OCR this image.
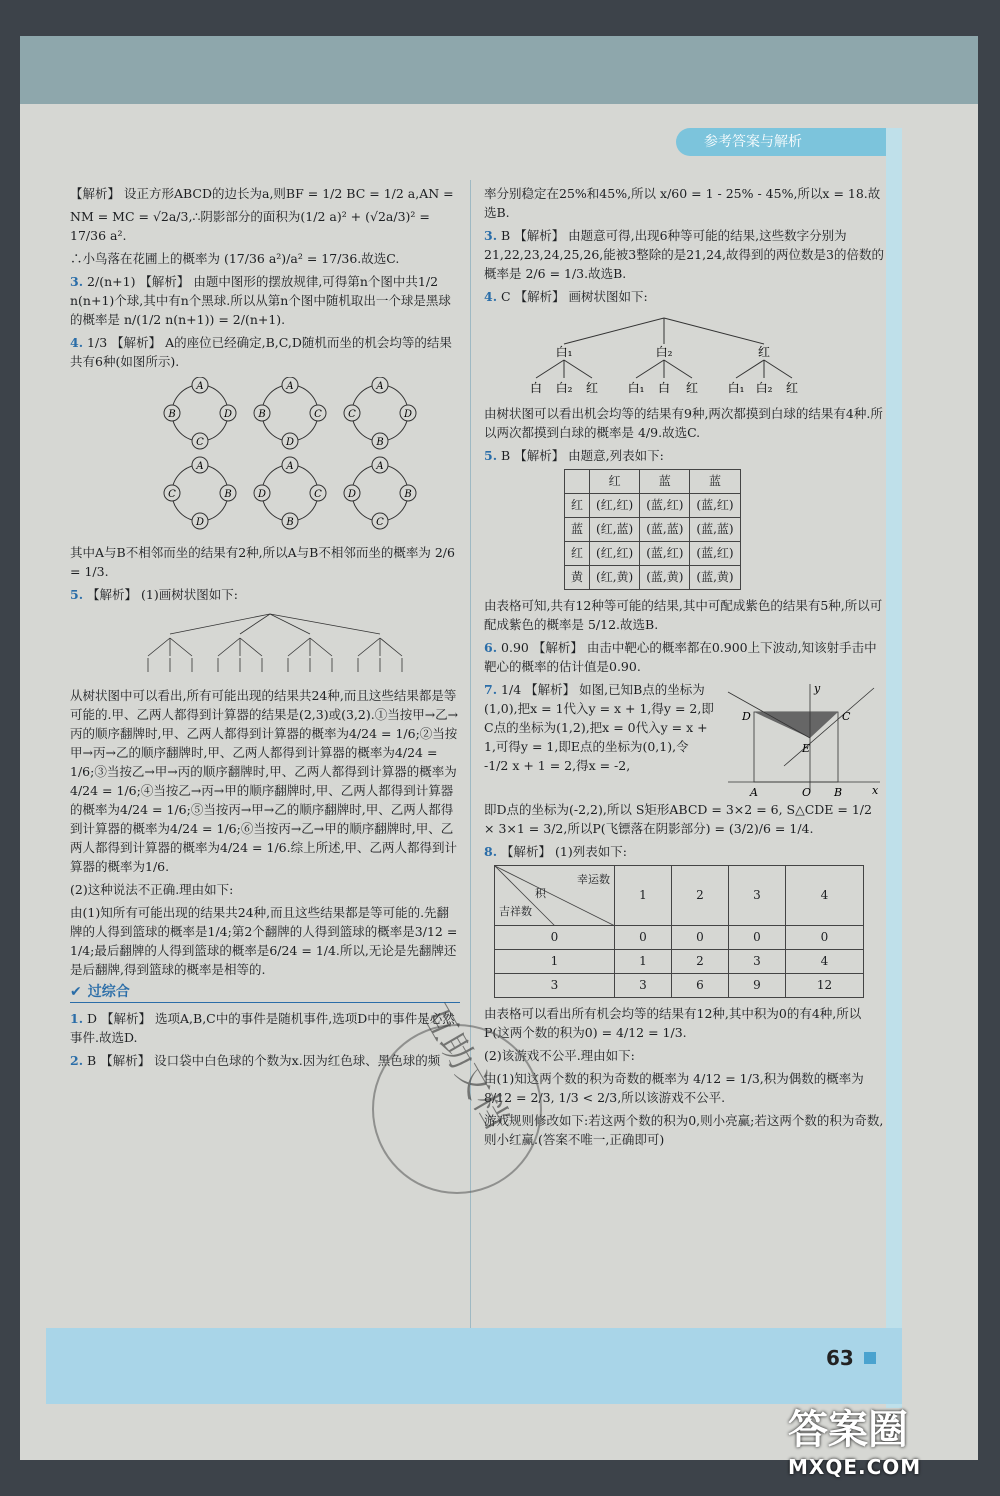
参考答案与解析

【解析】 设正方形ABCD的边长为a,则BF = 1/2 BC = 1/2 a,AN =

NM = MC = √2a/3,∴阴影部分的面积为(1/2 a)² + (√2a/3)² = 17/36 a².

∴小鸟落在花圃上的概率为 (17/36 a²)/a² = 17/36.故选C.

3. 2/(n+1) 【解析】 由题中图形的摆放规律,可得第n个图中共1/2 n(n+1)个球,其中有n个黑球.所以从第n个图中随机取出一个球是黑球的概率是 n/(1/2 n(n+1)) = 2/(n+1).

4. 1/3 【解析】 A的座位已经确定,B,C,D随机而坐的机会均等的结果共有6种(如图所示).

A
D
C
B
A
C
D
B
A
D
B
C
A
B
D
C
A
C
B
D
A
B
C
D

其中A与B不相邻而坐的结果有2种,所以A与B不相邻而坐的概率为 2/6 = 1/3.

5. 【解析】 (1)画树状图如下:

从树状图中可以看出,所有可能出现的结果共24种,而且这些结果都是等可能的.甲、乙两人都得到计算器的结果是(2,3)或(3,2).①当按甲→乙→丙的顺序翻牌时,甲、乙两人都得到计算器的概率为4/24 = 1/6;②当按甲→丙→乙的顺序翻牌时,甲、乙两人都得到计算器的概率为4/24 = 1/6;③当按乙→甲→丙的顺序翻牌时,甲、乙两人都得到计算器的概率为4/24 = 1/6;④当按乙→丙→甲的顺序翻牌时,甲、乙两人都得到计算器的概率为4/24 = 1/6;⑤当按丙→甲→乙的顺序翻牌时,甲、乙两人都得到计算器的概率为4/24 = 1/6;⑥当按丙→乙→甲的顺序翻牌时,甲、乙两人都得到计算器的概率为4/24 = 1/6.综上所述,甲、乙两人都得到计算器的概率为1/6.

(2)这种说法不正确.理由如下:

由(1)知所有可能出现的结果共24种,而且这些结果都是等可能的.先翻牌的人得到篮球的概率是1/4;第2个翻牌的人得到篮球的概率是3/12 = 1/4;最后翻牌的人得到篮球的概率是6/24 = 1/4.所以,无论是先翻牌还是后翻牌,得到篮球的概率是相等的.

✔ 过综合

1. D 【解析】 选项A,B,C中的事件是随机事件,选项D中的事件是必然事件.故选D.

2. B 【解析】 设口袋中白色球的个数为x.因为红色球、黑色球的频

率分别稳定在25%和45%,所以 x/60 = 1 - 25% - 45%,所以x = 18.故选B.

3. B 【解析】 由题意可得,出现6种等可能的结果,这些数字分别为21,22,23,24,25,26,能被3整除的是21,24,故得到的两位数是3的倍数的概率是 2/6 = 1/3.故选B.

4. C 【解析】 画树状图如下:

白₁
白 白₂ 红
白₂
白₁ 白 红
红
白₁ 白₂ 红

由树状图可以看出机会均等的结果有9种,两次都摸到白球的结果有4种.所以两次都摸到白球的概率是 4/9.故选C.

5. B 【解析】 由题意,列表如下:

	红	蓝	蓝
红	(红,红)	(蓝,红)	(蓝,红)
蓝	(红,蓝)	(蓝,蓝)	(蓝,蓝)
红	(红,红)	(蓝,红)	(蓝,红)
黄	(红,黄)	(蓝,黄)	(蓝,黄)

由表格可知,共有12种等可能的结果,其中可配成紫色的结果有5种,所以可配成紫色的概率是 5/12.故选B.

6. 0.90 【解析】 由击中靶心的概率都在0.900上下波动,知该射手击中靶心的概率的估计值是0.90.

7. 1/4 【解析】 如图,已知B点的坐标为(1,0),把x = 1代入y = x + 1,得y = 2,即C点的坐标为(1,2),把x = 0代入y = x + 1,可得y = 1,即E点的坐标为(0,1),令 -1/2 x + 1 = 2,得x = -2,

y
x
D	C
E
A	O B

即D点的坐标为(-2,2),所以 S矩形ABCD = 3×2 = 6, S△CDE = 1/2 × 3×1 = 3/2,所以P(飞镖落在阴影部分) = (3/2)/6 = 1/4.

8. 【解析】 (1)列表如下:

幸运数
积
吉祥数	1	2	3	4
0	0	0	0	0
1	1	2	3	4
3	3	6	9	12

由表格可以看出所有机会均等的结果有12种,其中积为0的有4种,所以P(这两个数的积为0) = 4/12 = 1/3.

(2)该游戏不公平.理由如下:

由(1)知这两个数的积为奇数的概率为 4/12 = 1/3,积为偶数的概率为 8/12 = 2/3, 1/3 < 2/3,所以该游戏不公平.

游戏规则修改如下:若这两个数的积为0,则小亮赢;若这两个数的积为奇数,则小红赢.(答案不唯一,正确即可)

63
互助文档
答案圈
MXQE.COM
